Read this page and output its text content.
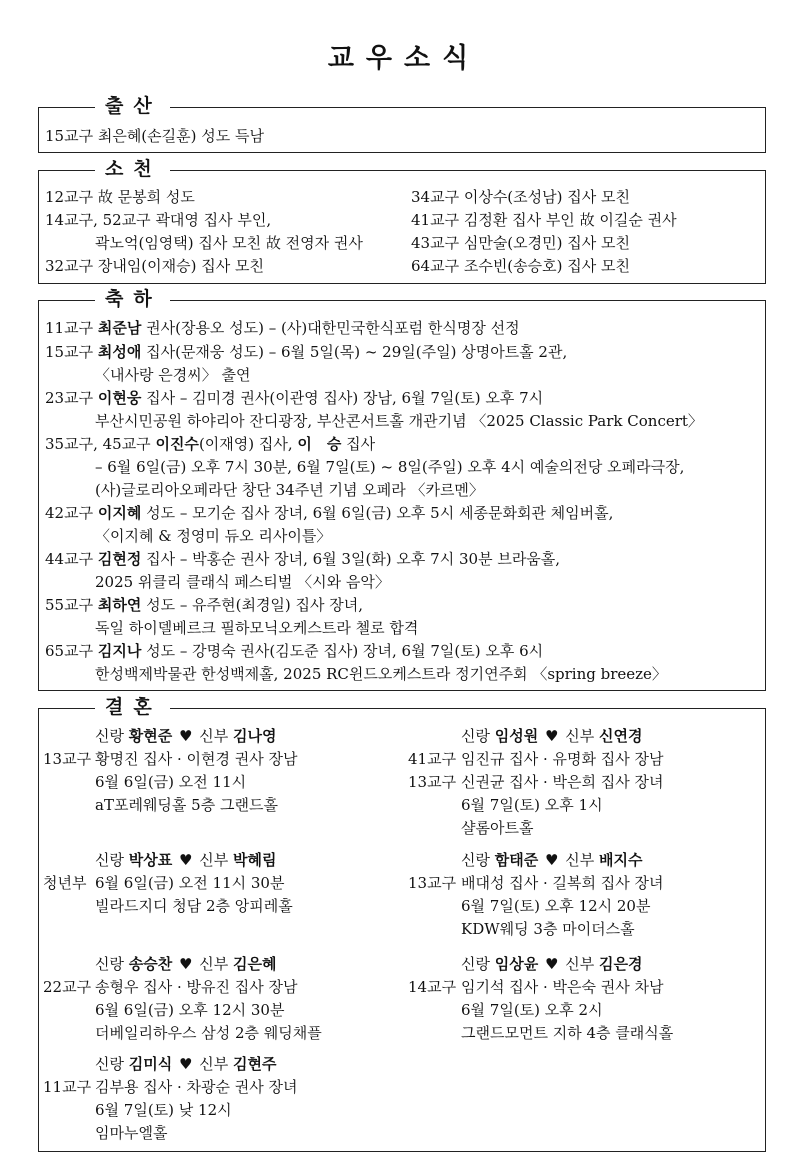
교우소식
출산
15교구 최은혜(손길훈) 성도 득남
소천
12교구 故 문봉희 성도
14교구, 52교구 곽대영 집사 부인,
곽노억(임영택) 집사 모친 故 전영자 권사
32교구 장내임(이재승) 집사 모친
34교구 이상수(조성남) 집사 모친
41교구 김정환 집사 부인 故 이길순 권사
43교구 심만술(오경민) 집사 모친
64교구 조수빈(송승호) 집사 모친
축하
11교구 최준남 권사(장용오 성도) – (사)대한민국한식포럼 한식명장 선정
15교구 최성애 집사(문재웅 성도) – 6월 5일(목) ~ 29일(주일) 상명아트홀 2관,
〈내사랑 은경씨〉 출연
23교구 이현웅 집사 – 김미경 권사(이관영 집사) 장남, 6월 7일(토) 오후 7시
부산시민공원 하야리아 잔디광장, 부산콘서트홀 개관기념 〈2025 Classic Park Concert〉
35교구, 45교구 이진수(이재영) 집사, 이　승 집사
– 6월 6일(금) 오후 7시 30분, 6월 7일(토) ~ 8일(주일) 오후 4시 예술의전당 오페라극장,
(사)글로리아오페라단 창단 34주년 기념 오페라 〈카르멘〉
42교구 이지혜 성도 – 모기순 집사 장녀, 6월 6일(금) 오후 5시 세종문화회관 체임버홀,
〈이지혜 & 정영미 듀오 리사이틀〉
44교구 김현정 집사 – 박홍순 권사 장녀, 6월 3일(화) 오후 7시 30분 브라움홀,
2025 위클리 클래식 페스티벌 〈시와 음악〉
55교구 최하연 성도 – 유주현(최경일) 집사 장녀,
독일 하이델베르크 필하모닉오케스트라 첼로 합격
65교구 김지나 성도 – 강명숙 권사(김도준 집사) 장녀, 6월 7일(토) 오후 6시
한성백제박물관 한성백제홀, 2025 RC윈드오케스트라 정기연주회 〈spring breeze〉
결혼
신랑 황현준 ♥ 신부 김나영
13교구 황명진 집사 · 이현경 권사 장남
6월 6일(금) 오전 11시
aT포레웨딩홀 5층 그랜드홀
신랑 임성원 ♥ 신부 신연경
41교구 임진규 집사 · 유명화 집사 장남
13교구 신권균 집사 · 박은희 집사 장녀
6월 7일(토) 오후 1시
샬롬아트홀
신랑 박상표 ♥ 신부 박혜림
청년부 6월 6일(금) 오전 11시 30분
빌라드지디 청담 2층 앙피레홀
신랑 함태준 ♥ 신부 배지수
13교구 배대성 집사 · 길복희 집사 장녀
6월 7일(토) 오후 12시 20분
KDW웨딩 3층 마이더스홀
신랑 송승찬 ♥ 신부 김은혜
22교구 송형우 집사 · 방유진 집사 장남
6월 6일(금) 오후 12시 30분
더베일리하우스 삼성 2층 웨딩채플
신랑 임상윤 ♥ 신부 김은경
14교구 임기석 집사 · 박은숙 권사 차남
6월 7일(토) 오후 2시
그랜드모먼트 지하 4층 클래식홀
신랑 김미식 ♥ 신부 김현주
11교구 김부용 집사 · 차광순 권사 장녀
6월 7일(토) 낮 12시
임마누엘홀
